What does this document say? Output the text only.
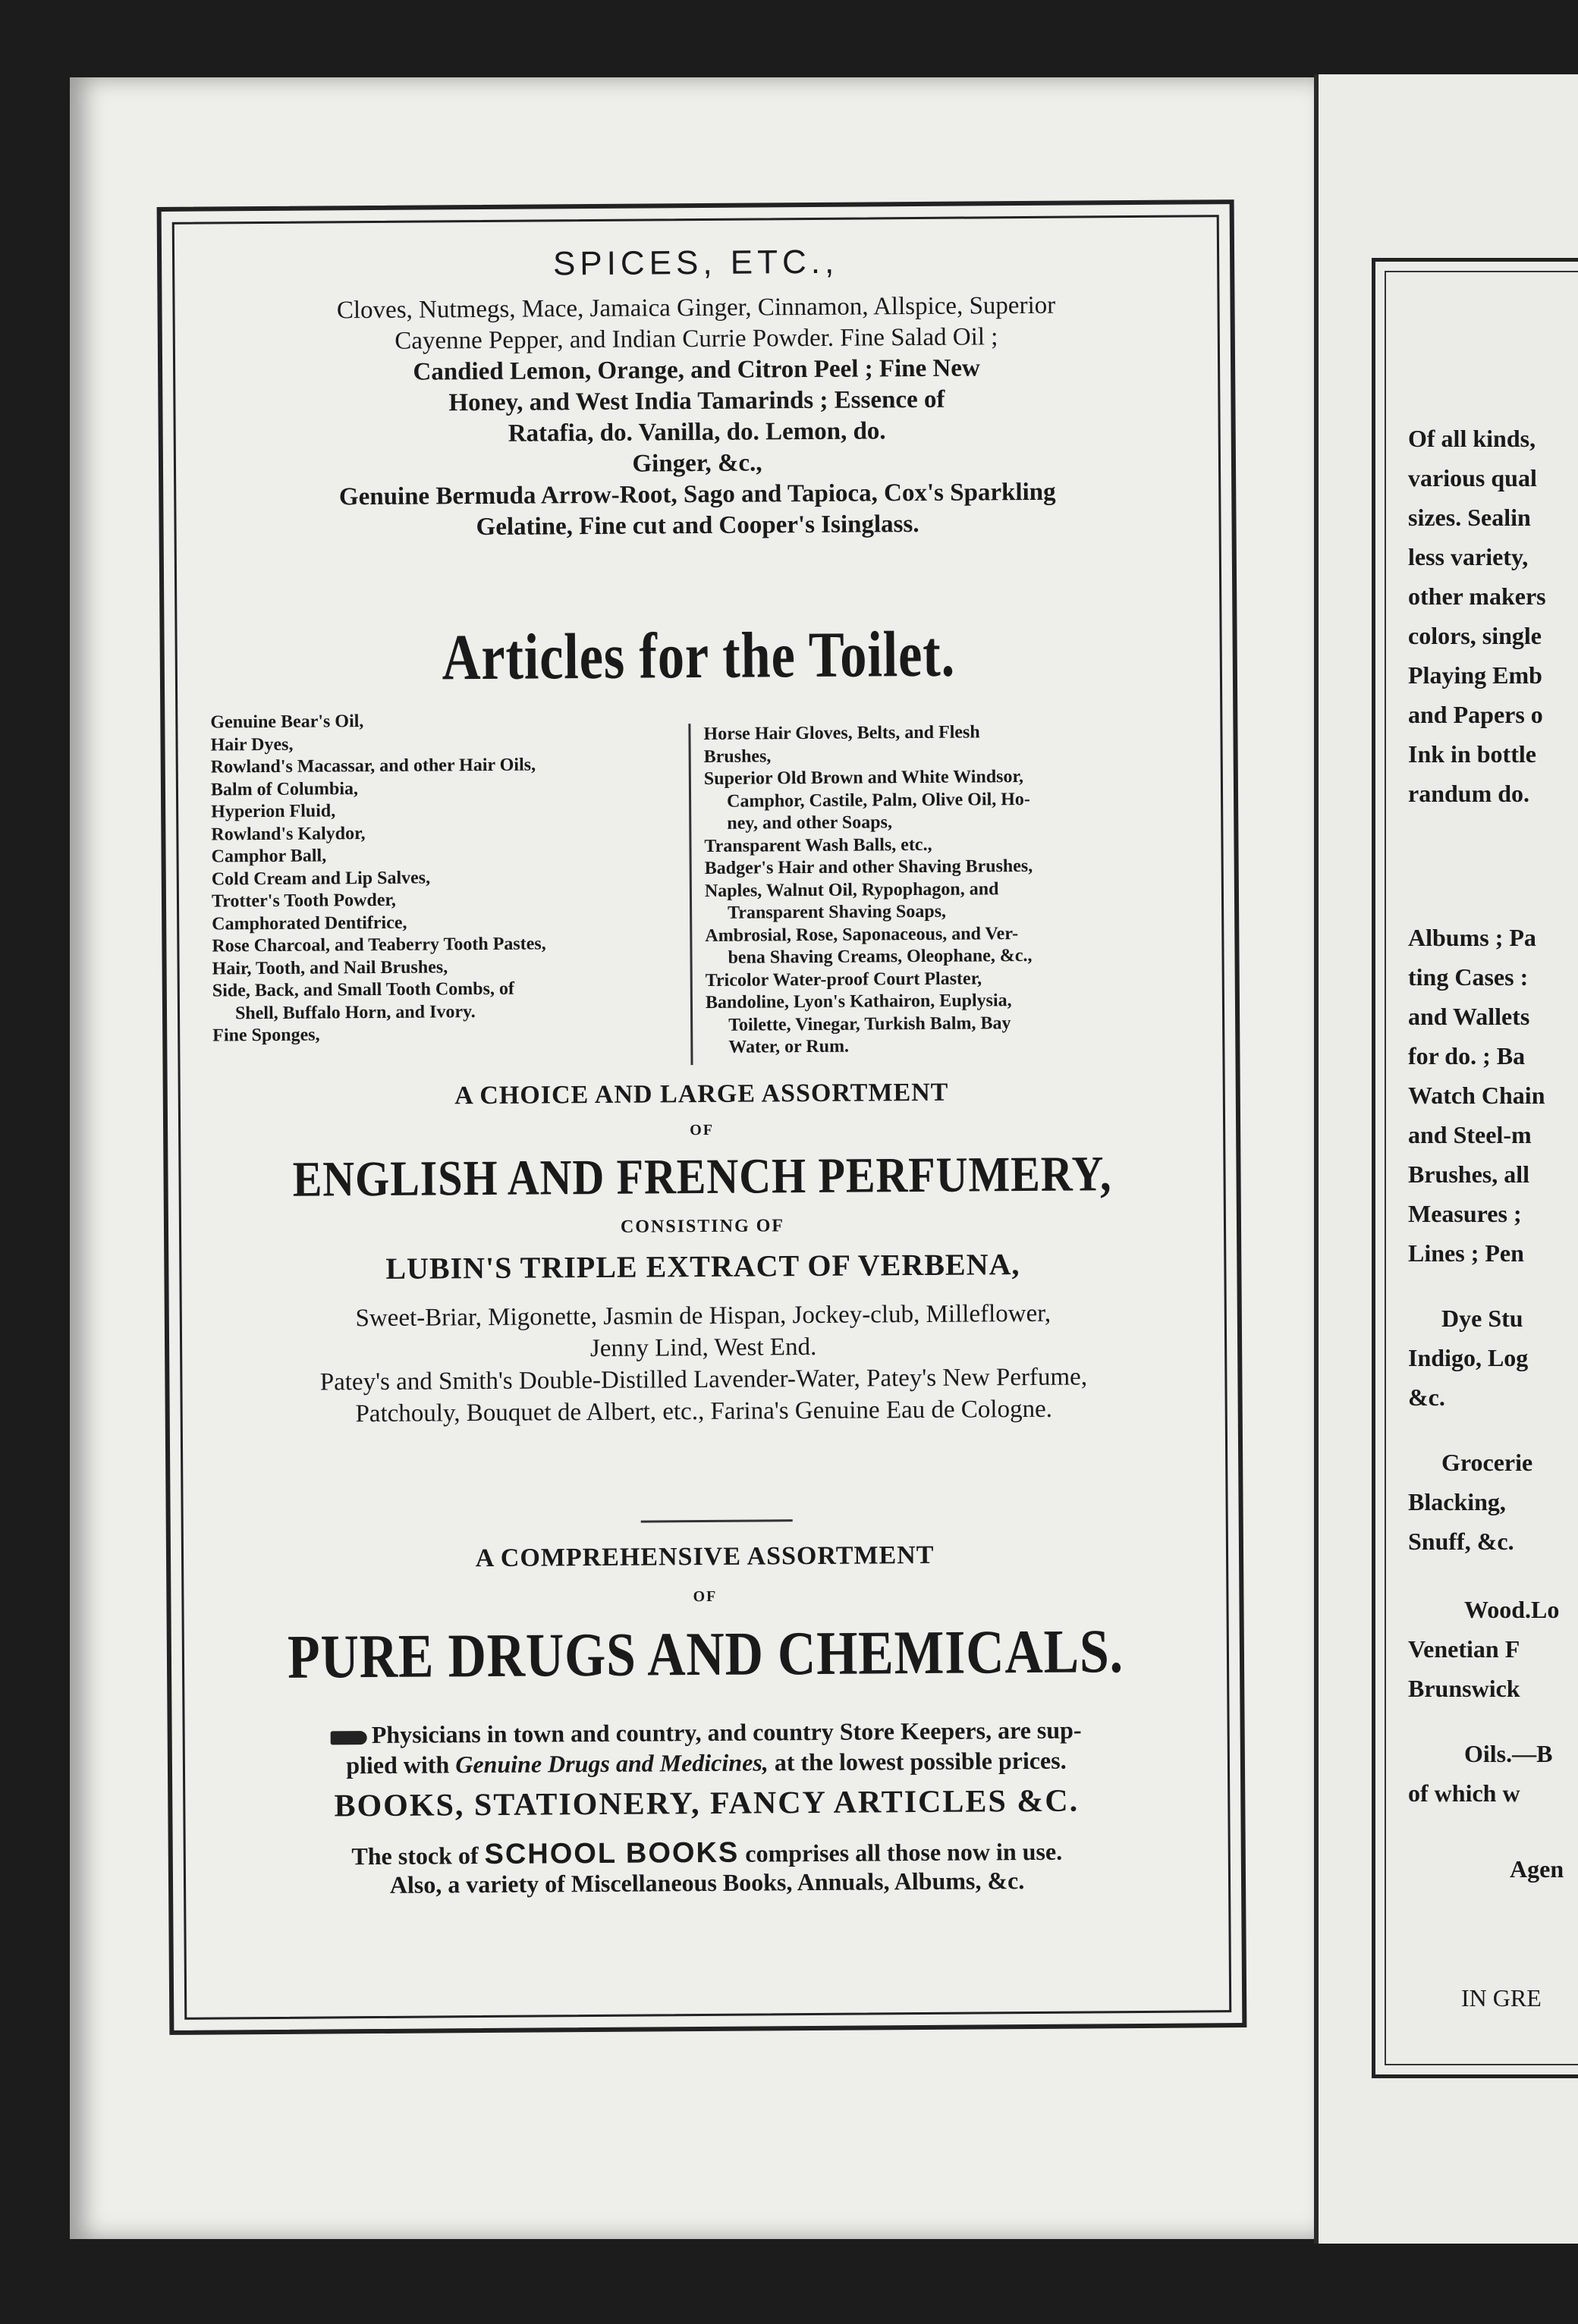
SPICES, ETC.,
Cloves, Nutmegs, Mace, Jamaica Ginger, Cinnamon, Allspice, Superior
Cayenne Pepper, and Indian Currie Powder. Fine Salad Oil ;
Candied Lemon, Orange, and Citron Peel ; Fine New
Honey, and West India Tamarinds ; Essence of
Ratafia, do. Vanilla, do. Lemon, do.
Ginger, &c.,
Genuine Bermuda Arrow-Root, Sago and Tapioca, Cox's Sparkling
Gelatine, Fine cut and Cooper's Isinglass.
Articles for the Toilet.
Genuine Bear's Oil,
Hair Dyes,
Rowland's Macassar, and other Hair Oils,
Balm of Columbia,
Hyperion Fluid,
Rowland's Kalydor,
Camphor Ball,
Cold Cream and Lip Salves,
Trotter's Tooth Powder,
Camphorated Dentifrice,
Rose Charcoal, and Teaberry Tooth Pastes,
Hair, Tooth, and Nail Brushes,
Side, Back, and Small Tooth Combs, of
Shell, Buffalo Horn, and Ivory.
Fine Sponges,
Horse Hair Gloves, Belts, and Flesh
Brushes,
Superior Old Brown and White Windsor,
Camphor, Castile, Palm, Olive Oil, Ho-
ney, and other Soaps,
Transparent Wash Balls, etc.,
Badger's Hair and other Shaving Brushes,
Naples, Walnut Oil, Rypophagon, and
Transparent Shaving Soaps,
Ambrosial, Rose, Saponaceous, and Ver-
bena Shaving Creams, Oleophane, &c.,
Tricolor Water-proof Court Plaster,
Bandoline, Lyon's Kathairon, Euplysia,
Toilette, Vinegar, Turkish Balm, Bay
Water, or Rum.
A CHOICE AND LARGE ASSORTMENT
OF
ENGLISH AND FRENCH PERFUMERY,
CONSISTING OF
LUBIN'S TRIPLE EXTRACT OF VERBENA,
Sweet-Briar, Migonette, Jasmin de Hispan, Jockey-club, Milleflower,
Jenny Lind, West End.
Patey's and Smith's Double-Distilled Lavender-Water, Patey's New Perfume,
Patchouly, Bouquet de Albert, etc., Farina's Genuine Eau de Cologne.
A COMPREHENSIVE ASSORTMENT
OF
PURE DRUGS AND CHEMICALS.
Physicians in town and country, and country Store Keepers, are sup-
plied with Genuine Drugs and Medicines, at the lowest possible prices.
BOOKS, STATIONERY, FANCY ARTICLES &C.
The stock of SCHOOL BOOKS comprises all those now in use.
Also, a variety of Miscellaneous Books, Annuals, Albums, &c.
Of all kinds,
various qual
sizes. Sealin
less variety,
other makers
colors, single
Playing Emb
and Papers o
Ink in bottle
randum do.
Albums ; Pa
ting Cases :
and Wallets
for do. ; Ba
Watch Chain
and Steel-m
Brushes, all
Measures ;
Lines ; Pen
Dye Stu
Indigo, Log
&c.
Grocerie
Blacking,
Snuff, &c.
Wood.Lo
Venetian F
Brunswick
Oils.—B
of which w
Agen
IN GRE
